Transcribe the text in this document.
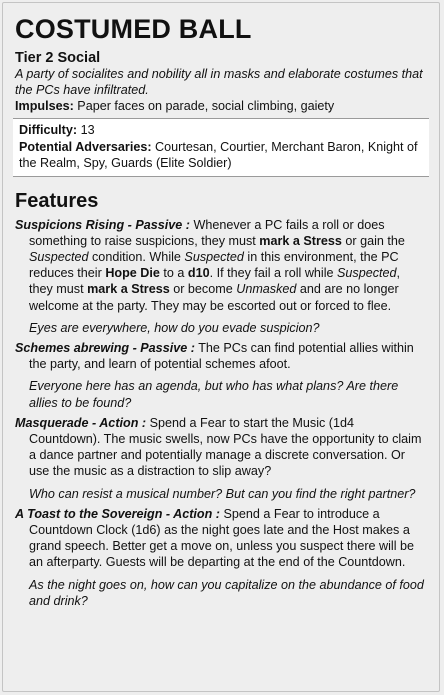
COSTUMED BALL
Tier 2 Social
A party of socialites and nobility all in masks and elaborate costumes that the PCs have infiltrated.
Impulses: Paper faces on parade, social climbing, gaiety
Difficulty: 13
Potential Adversaries: Courtesan, Courtier, Merchant Baron, Knight of the Realm, Spy, Guards (Elite Soldier)
Features

Suspicions Rising - Passive : Whenever a PC fails a roll or does something to raise suspicions, they must mark a Stress or gain the Suspected condition. While Suspected in this environment, the PC reduces their Hope Die to a d10. If they fail a roll while Suspected, they must mark a Stress or become Unmasked and are no longer welcome at the party. They may be escorted out or forced to flee.

Eyes are everywhere, how do you evade suspicion?

Schemes abrewing - Passive : The PCs can find potential allies within the party, and learn of potential schemes afoot.

Everyone here has an agenda, but who has what plans? Are there allies to be found?

Masquerade - Action : Spend a Fear to start the Music (1d4 Countdown). The music swells, now PCs have the opportunity to claim a dance partner and potentially manage a discrete conversation. Or use the music as a distraction to slip away?

Who can resist a musical number? But can you find the right partner?

A Toast to the Sovereign - Action : Spend a Fear to introduce a Countdown Clock (1d6) as the night goes late and the Host makes a grand speech. Better get a move on, unless you suspect there will be an afterparty. Guests will be departing at the end of the Countdown.

As the night goes on, how can you capitalize on the abundance of food and drink?
